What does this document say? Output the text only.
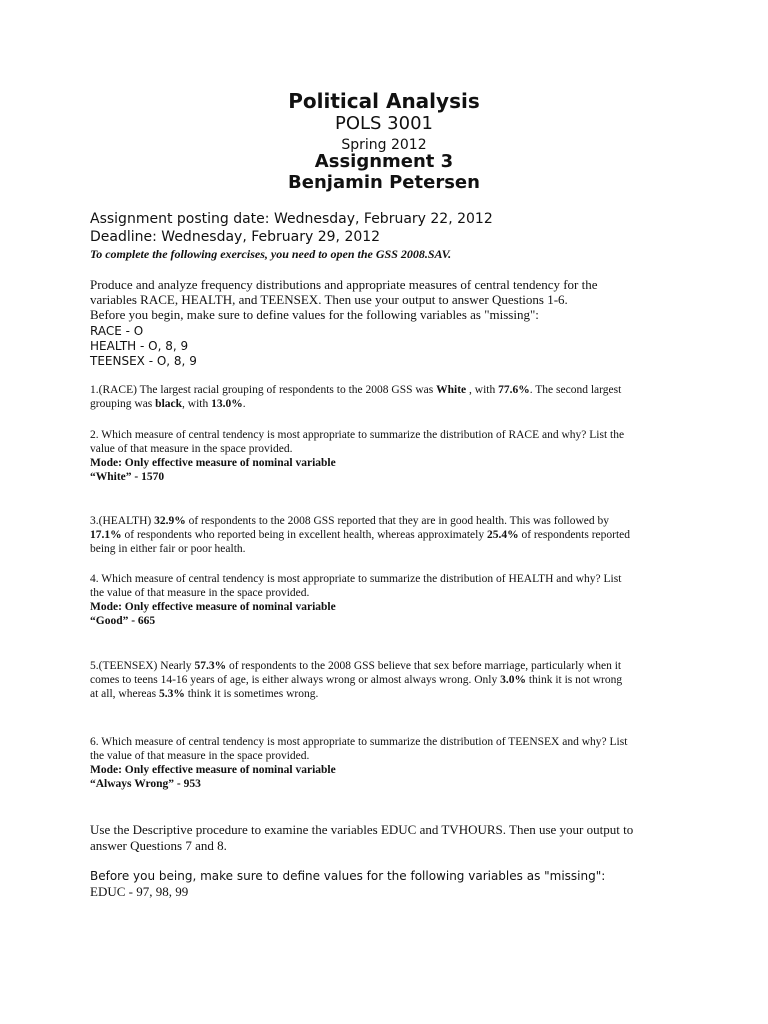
Political Analysis
POLS 3001
Spring 2012
Assignment 3
Benjamin Petersen
Assignment posting date: Wednesday, February 22, 2012
Deadline: Wednesday, February 29, 2012
To complete the following exercises, you need to open the GSS 2008.SAV.
Produce and analyze frequency distributions and appropriate measures of central tendency for the
variables RACE, HEALTH, and TEENSEX. Then use your output to answer Questions 1-6.
Before you begin, make sure to define values for the following variables as "missing":
RACE - O
HEALTH - O, 8, 9
TEENSEX - O, 8, 9
1.(RACE) The largest racial grouping of respondents to the 2008 GSS was White , with 77.6%. The second largest
grouping was black, with 13.0%.
2. Which measure of central tendency is most appropriate to summarize the distribution of RACE and why? List the
value of that measure in the space provided.
Mode: Only effective measure of nominal variable
“White” - 1570
3.(HEALTH) 32.9% of respondents to the 2008 GSS reported that they are in good health. This was followed by
17.1% of respondents who reported being in excellent health, whereas approximately 25.4% of respondents reported
being in either fair or poor health.
4. Which measure of central tendency is most appropriate to summarize the distribution of HEALTH and why? List
the value of that measure in the space provided.
Mode: Only effective measure of nominal variable
“Good” - 665
5.(TEENSEX) Nearly 57.3% of respondents to the 2008 GSS believe that sex before marriage, particularly when it
comes to teens 14-16 years of age, is either always wrong or almost always wrong. Only 3.0% think it is not wrong
at all, whereas 5.3% think it is sometimes wrong.
6. Which measure of central tendency is most appropriate to summarize the distribution of TEENSEX and why? List
the value of that measure in the space provided.
Mode: Only effective measure of nominal variable
“Always Wrong” - 953
Use the Descriptive procedure to examine the variables EDUC and TVHOURS. Then use your output to
answer Questions 7 and 8.
Before you being, make sure to define values for the following variables as "missing":
EDUC - 97, 98, 99
